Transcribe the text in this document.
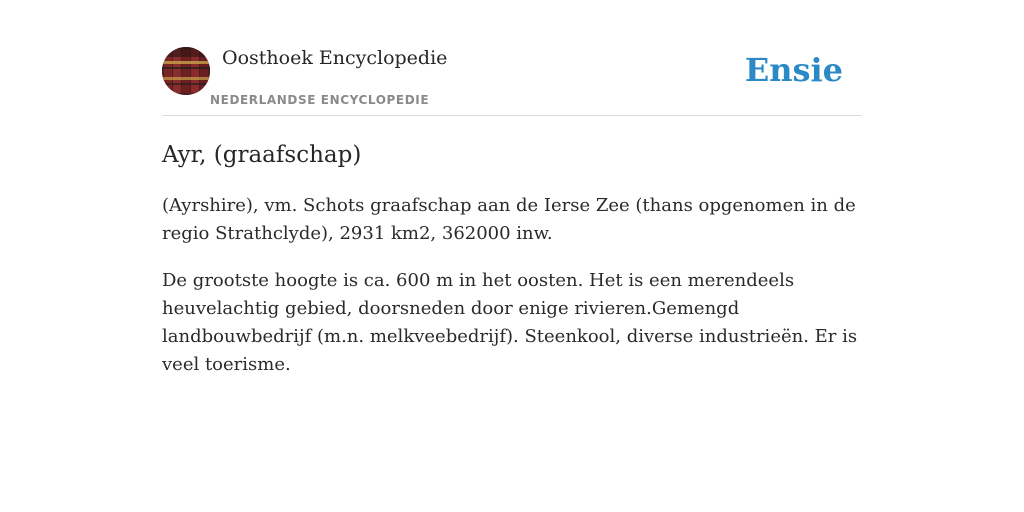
Oosthoek Encyclopedie
NEDERLANDSE ENCYCLOPEDIE
Ensie
Ayr, (graafschap)

(Ayrshire), vm. Schots graafschap aan de Ierse Zee (thans opgenomen in de regio Strathclyde), 2931 km2, 362000 inw.

De grootste hoogte is ca. 600 m in het oosten. Het is een merendeels heuvelachtig gebied, doorsneden door enige rivieren.Gemengd landbouwbedrijf (m.n. melkveebedrijf). Steenkool, diverse industrieën. Er is veel toerisme.
